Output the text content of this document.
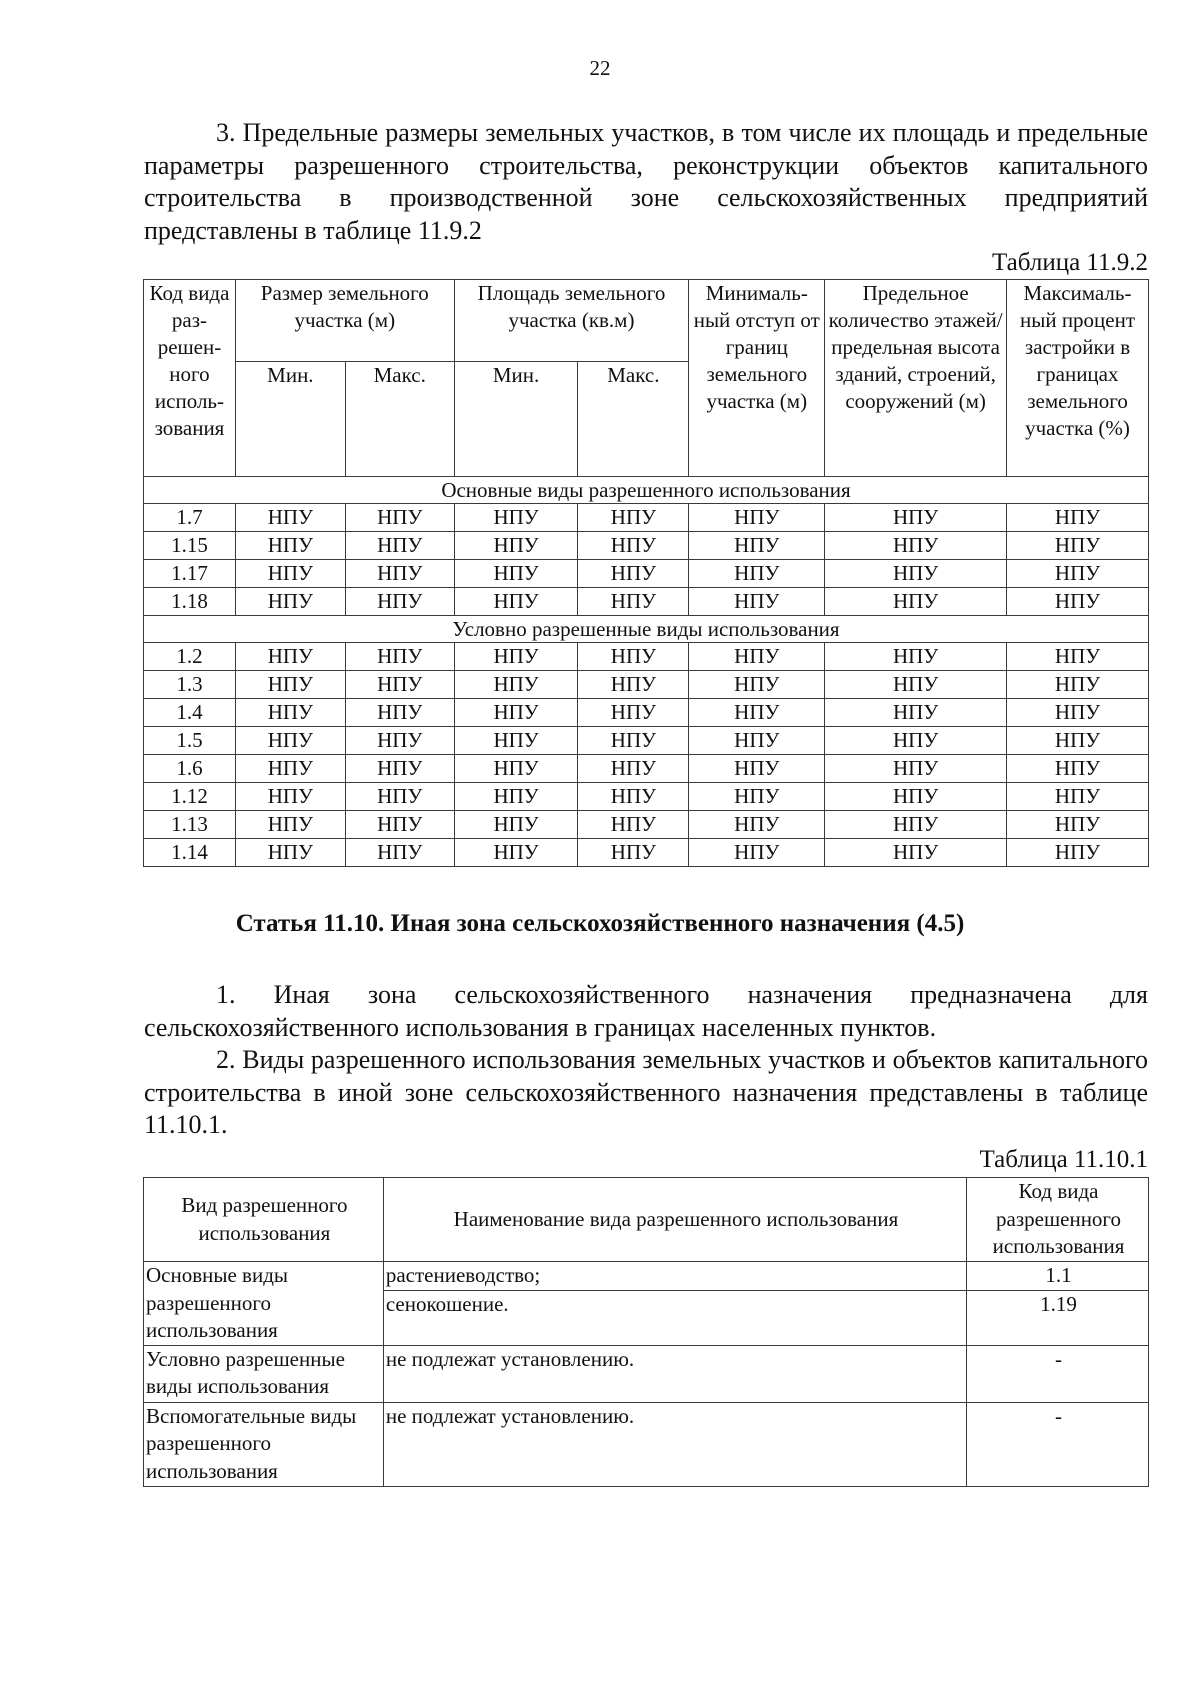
22

3. Предельные размеры земельных участков, в том числе их площадь и предельные параметры разрешенного строительства, реконструкции объектов капитального строительства в производственной зоне сельскохозяйственных предприятий представлены в таблице 11.9.2

Таблица 11.9.2
Код вида раз-решен-ного исполь-зования	Размер земельного участка (м)		Площадь земельного участка (кв.м)		Минималь-ный отступ от границ земельного участка (м)	Предельное количество этажей/ предельная высота зданий, строений, сооружений (м)	Максималь-ный процент застройки в границах земельного участка (%)
	Мин.	Макс.	Мин.	Макс.			
Основные виды разрешенного использования							
1.7	НПУ	НПУ	НПУ	НПУ	НПУ	НПУ	НПУ
1.15	НПУ	НПУ	НПУ	НПУ	НПУ	НПУ	НПУ
1.17	НПУ	НПУ	НПУ	НПУ	НПУ	НПУ	НПУ
1.18	НПУ	НПУ	НПУ	НПУ	НПУ	НПУ	НПУ
Условно разрешенные виды использования							
1.2	НПУ	НПУ	НПУ	НПУ	НПУ	НПУ	НПУ
1.3	НПУ	НПУ	НПУ	НПУ	НПУ	НПУ	НПУ
1.4	НПУ	НПУ	НПУ	НПУ	НПУ	НПУ	НПУ
1.5	НПУ	НПУ	НПУ	НПУ	НПУ	НПУ	НПУ
1.6	НПУ	НПУ	НПУ	НПУ	НПУ	НПУ	НПУ
1.12	НПУ	НПУ	НПУ	НПУ	НПУ	НПУ	НПУ
1.13	НПУ	НПУ	НПУ	НПУ	НПУ	НПУ	НПУ
1.14	НПУ	НПУ	НПУ	НПУ	НПУ	НПУ	НПУ
Статья 11.10. Иная зона сельскохозяйственного назначения (4.5)

1. Иная зона сельскохозяйственного назначения предназначена для сельскохозяйственного использования в границах населенных пунктов.

2. Виды разрешенного использования земельных участков и объектов капитального строительства в иной зоне сельскохозяйственного назначения представлены в таблице 11.10.1.

Таблица 11.10.1
Вид разрешенного использования	Наименование вида разрешенного использования	Код вида разрешенного использования
Основные виды разрешенного использования	растениеводство;	1.1
	сенокошение.	1.19
Условно разрешенные виды использования	не подлежат установлению.	-
Вспомогательные виды разрешенного использования	не подлежат установлению.	-
